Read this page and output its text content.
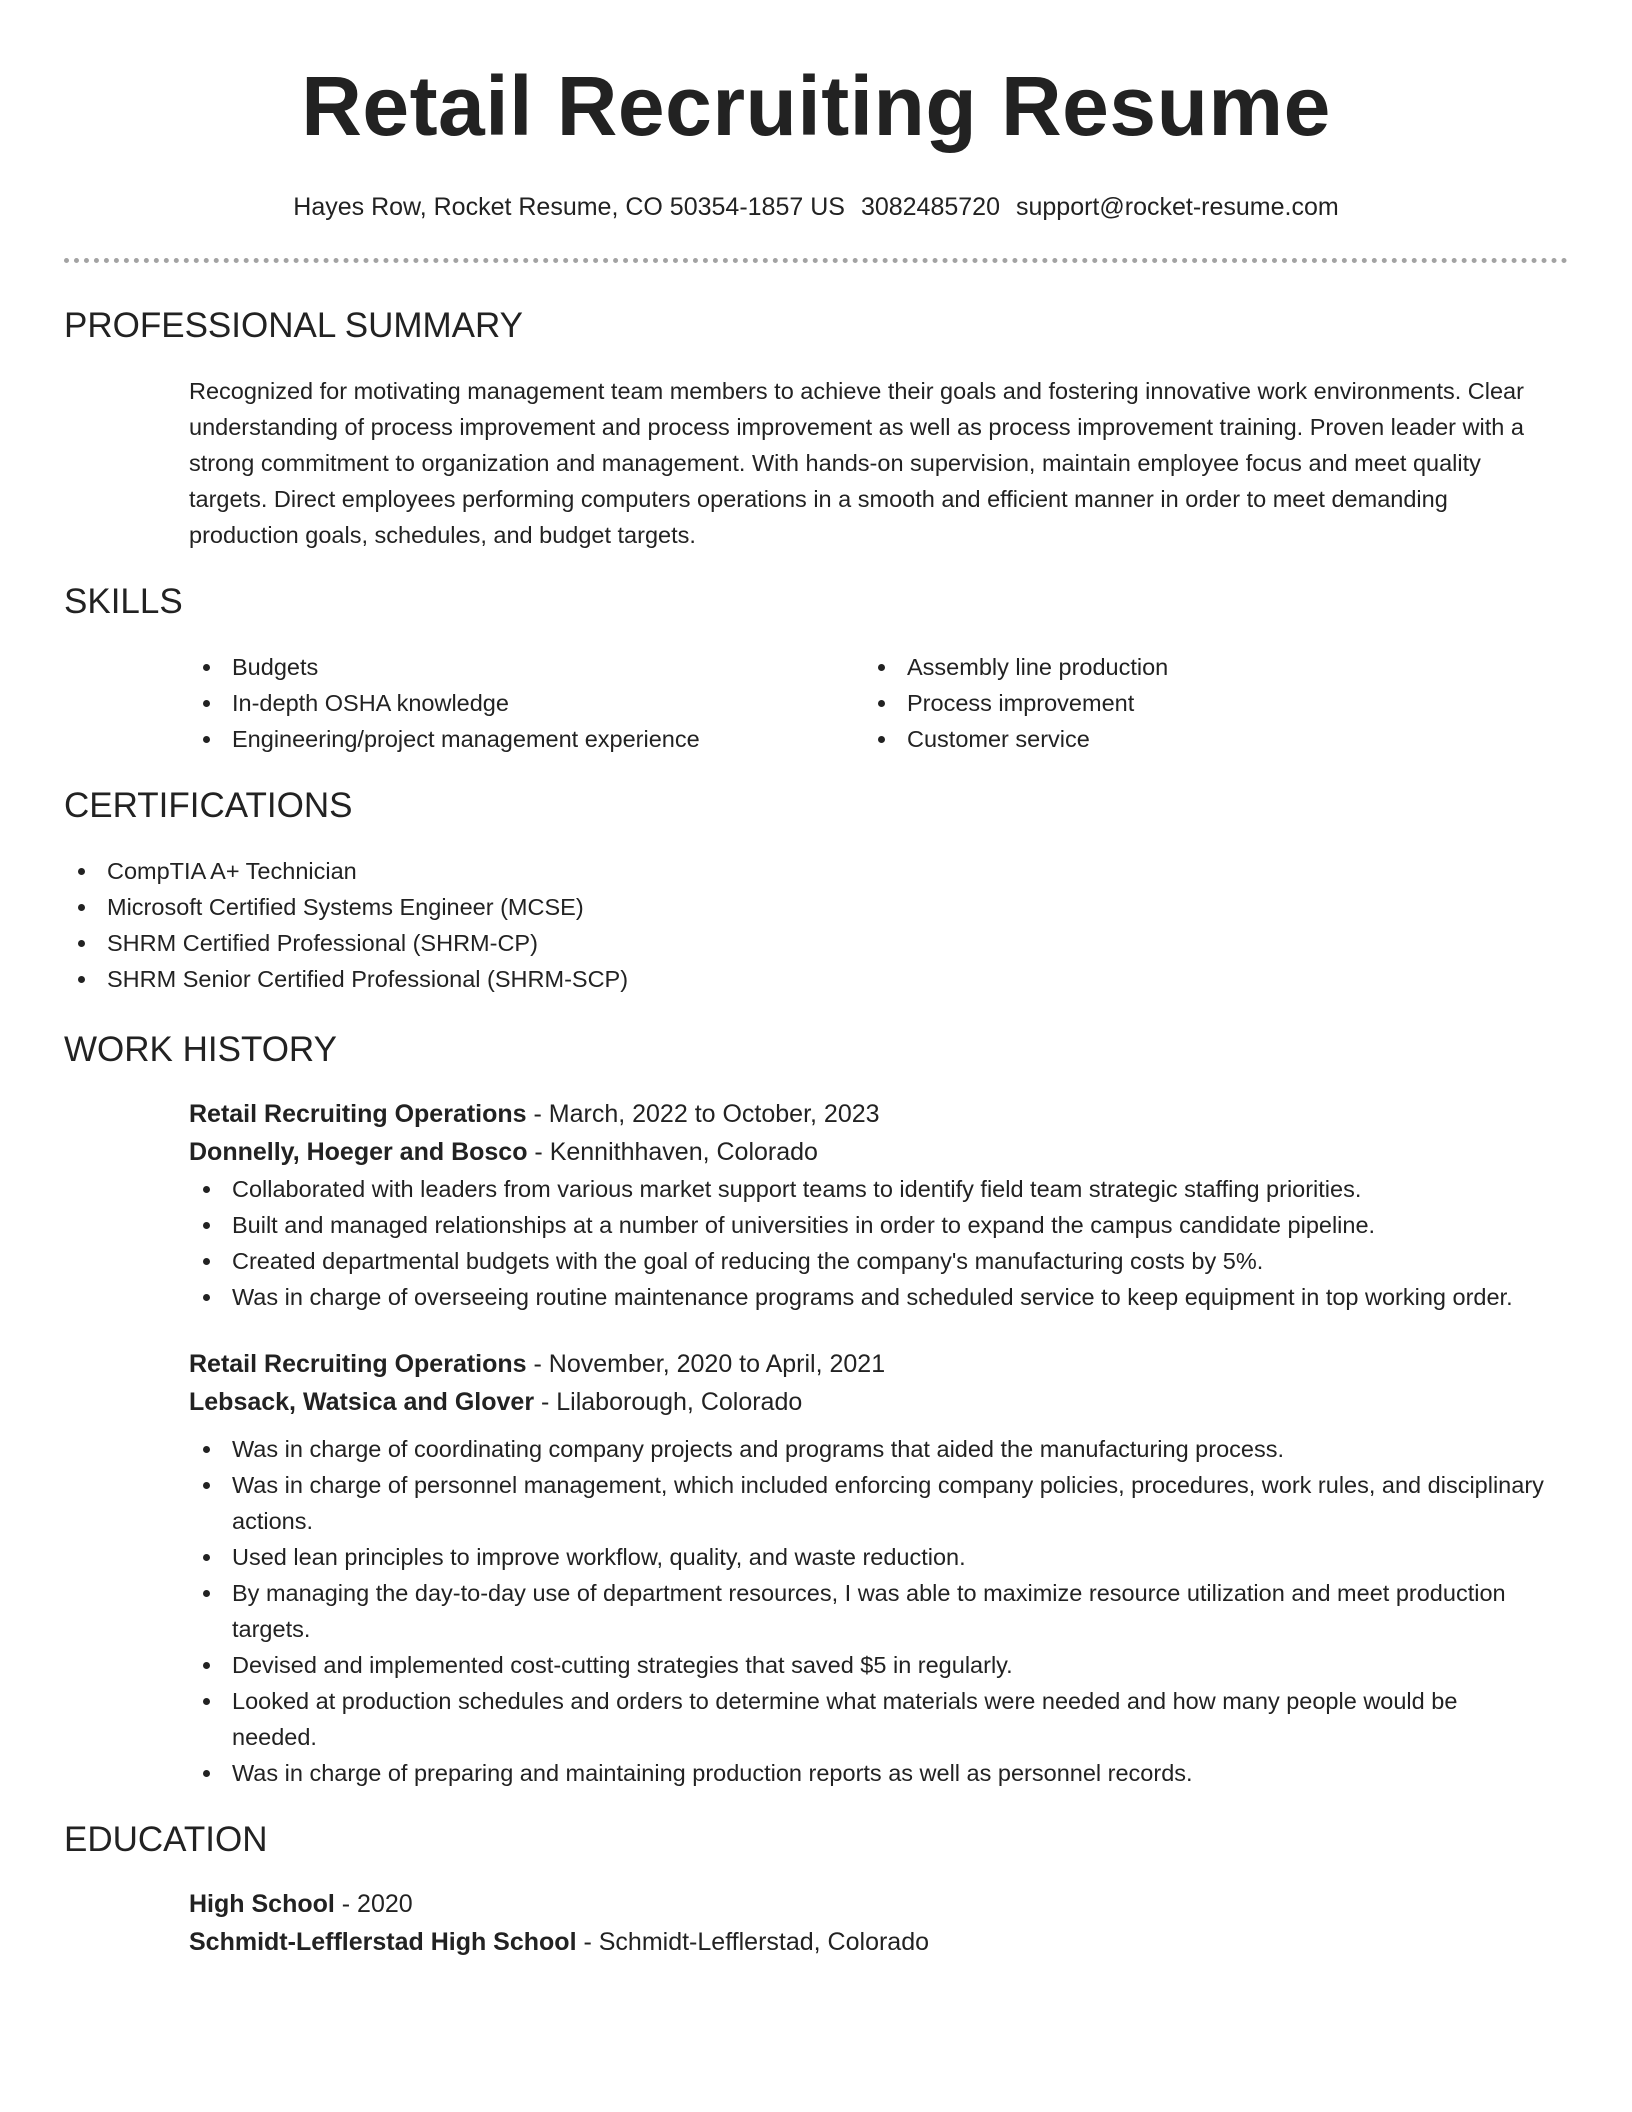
Retail Recruiting Resume
Hayes Row, Rocket Resume, CO 50354-1857 US 3082485720 support@rocket-resume.com
PROFESSIONAL SUMMARY
Recognized for motivating management team members to achieve their goals and fostering innovative work environments. Clear understanding of process improvement and process improvement as well as process improvement training. Proven leader with a strong commitment to organization and management. With hands-on supervision, maintain employee focus and meet quality targets. Direct employees performing computers operations in a smooth and efficient manner in order to meet demanding production goals, schedules, and budget targets.
SKILLS
Budgets
In-depth OSHA knowledge
Engineering/project management experience
Assembly line production
Process improvement
Customer service
CERTIFICATIONS
CompTIA A+ Technician
Microsoft Certified Systems Engineer (MCSE)
SHRM Certified Professional (SHRM-CP)
SHRM Senior Certified Professional (SHRM-SCP)
WORK HISTORY
Retail Recruiting Operations - March, 2022 to October, 2023
Donnelly, Hoeger and Bosco - Kennithhaven, Colorado
Collaborated with leaders from various market support teams to identify field team strategic staffing priorities.
Built and managed relationships at a number of universities in order to expand the campus candidate pipeline.
Created departmental budgets with the goal of reducing the company's manufacturing costs by 5%.
Was in charge of overseeing routine maintenance programs and scheduled service to keep equipment in top working order.
Retail Recruiting Operations - November, 2020 to April, 2021
Lebsack, Watsica and Glover - Lilaborough, Colorado
Was in charge of coordinating company projects and programs that aided the manufacturing process.
Was in charge of personnel management, which included enforcing company policies, procedures, work rules, and disciplinary actions.
Used lean principles to improve workflow, quality, and waste reduction.
By managing the day-to-day use of department resources, I was able to maximize resource utilization and meet production targets.
Devised and implemented cost-cutting strategies that saved $5 in regularly.
Looked at production schedules and orders to determine what materials were needed and how many people would be needed.
Was in charge of preparing and maintaining production reports as well as personnel records.
EDUCATION
High School - 2020
Schmidt-Lefflerstad High School - Schmidt-Lefflerstad, Colorado
